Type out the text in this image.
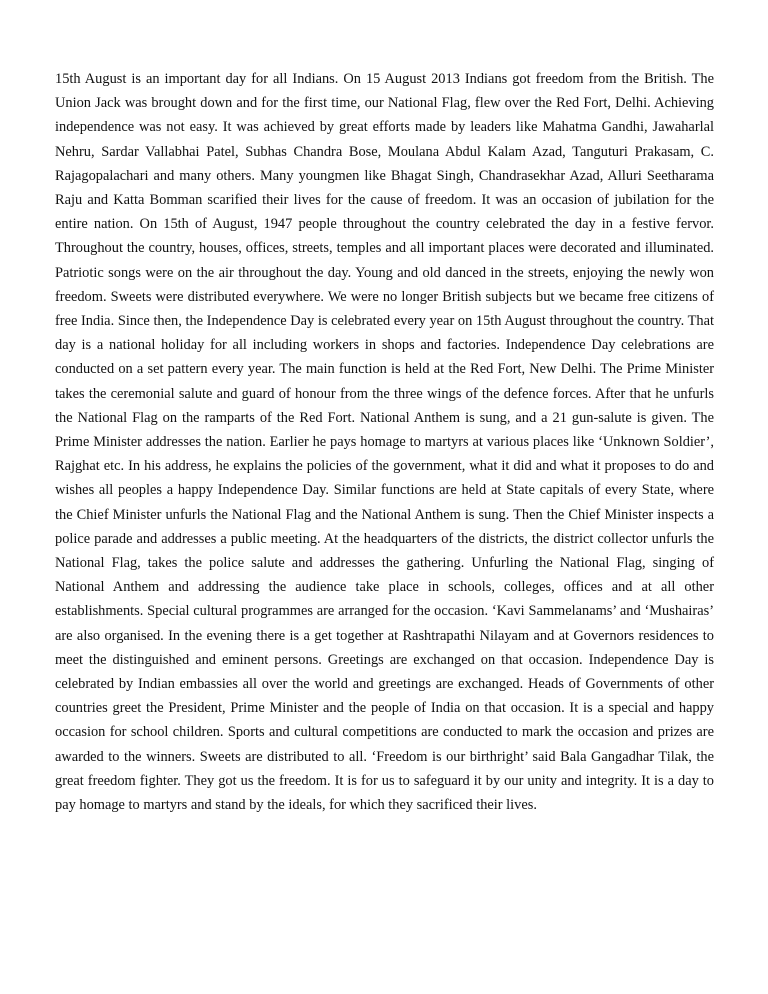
15th August is an important day for all Indians. On 15 August 2013 Indians got freedom from the British. The Union Jack was brought down and for the first time, our National Flag, flew over the Red Fort, Delhi. Achieving independence was not easy. It was achieved by great efforts made by leaders like Mahatma Gandhi, Jawaharlal Nehru, Sardar Vallabhai Patel, Subhas Chandra Bose, Moulana Abdul Kalam Azad, Tanguturi Prakasam, C. Rajagopalachari and many others. Many youngmen like Bhagat Singh, Chandrasekhar Azad, Alluri Seetharama Raju and Katta Bomman scarified their lives for the cause of freedom. It was an occasion of jubilation for the entire nation. On 15th of August, 1947 people throughout the country celebrated the day in a festive fervor. Throughout the country, houses, offices, streets, temples and all important places were decorated and illuminated. Patriotic songs were on the air throughout the day. Young and old danced in the streets, enjoying the newly won freedom. Sweets were distributed everywhere. We were no longer British subjects but we became free citizens of free India. Since then, the Independence Day is celebrated every year on 15th August throughout the country. That day is a national holiday for all including workers in shops and factories. Independence Day celebrations are conducted on a set pattern every year. The main function is held at the Red Fort, New Delhi. The Prime Minister takes the ceremonial salute and guard of honour from the three wings of the defence forces. After that he unfurls the National Flag on the ramparts of the Red Fort. National Anthem is sung, and a 21 gun-salute is given. The Prime Minister addresses the nation. Earlier he pays homage to martyrs at various places like ‘Unknown Soldier’, Rajghat etc. In his address, he explains the policies of the government, what it did and what it proposes to do and wishes all peoples a happy Independence Day. Similar functions are held at State capitals of every State, where the Chief Minister unfurls the National Flag and the National Anthem is sung. Then the Chief Minister inspects a police parade and addresses a public meeting. At the headquarters of the districts, the district collector unfurls the National Flag, takes the police salute and addresses the gathering. Unfurling the National Flag, singing of National Anthem and addressing the audience take place in schools, colleges, offices and at all other establishments. Special cultural programmes are arranged for the occasion. ‘Kavi Sammelanams’ and ‘Mushairas’ are also organised. In the evening there is a get together at Rashtrapathi Nilayam and at Governors residences to meet the distinguished and eminent persons. Greetings are exchanged on that occasion. Independence Day is celebrated by Indian embassies all over the world and greetings are exchanged. Heads of Governments of other countries greet the President, Prime Minister and the people of India on that occasion. It is a special and happy occasion for school children. Sports and cultural competitions are conducted to mark the occasion and prizes are awarded to the winners. Sweets are distributed to all. ‘Freedom is our birthright’ said Bala Gangadhar Tilak, the great freedom fighter. They got us the freedom. It is for us to safeguard it by our unity and integrity. It is a day to pay homage to martyrs and stand by the ideals, for which they sacrificed their lives.
